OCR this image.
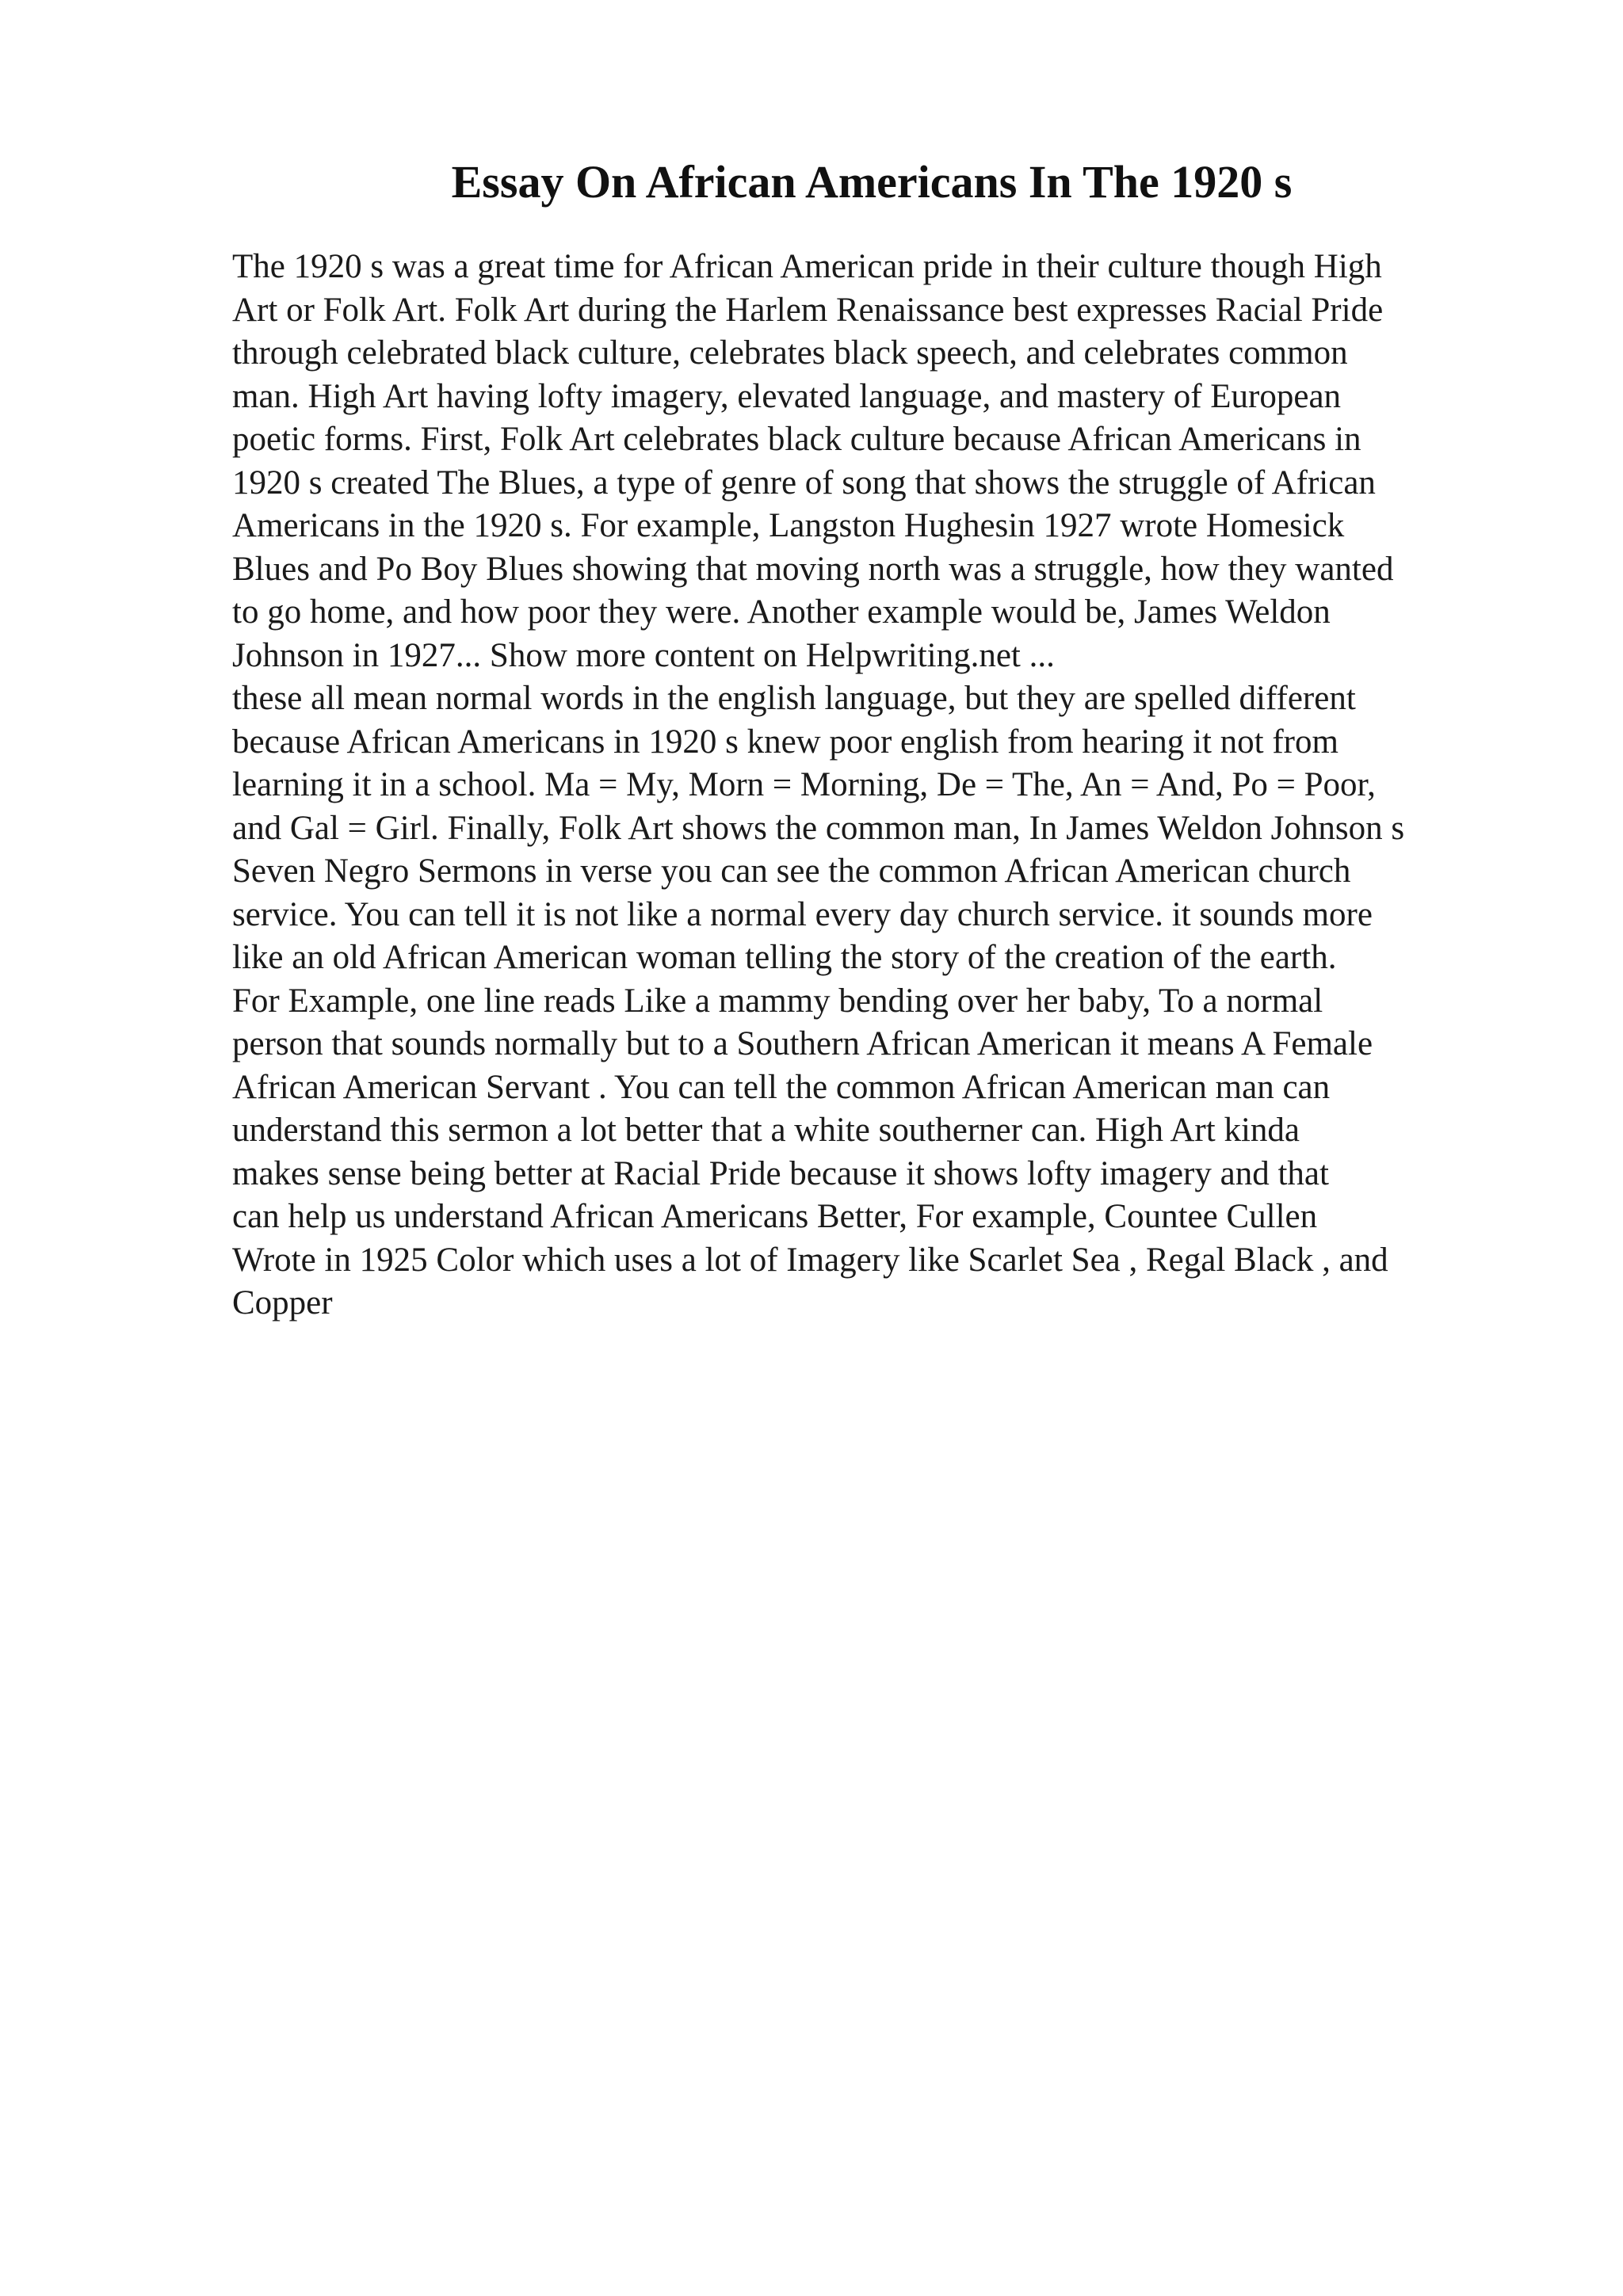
Essay On African Americans In The 1920 s
The 1920 s was a great time for African American pride in their culture though High
Art or Folk Art. Folk Art during the Harlem Renaissance best expresses Racial Pride
through celebrated black culture, celebrates black speech, and celebrates common
man. High Art having lofty imagery, elevated language, and mastery of European
poetic forms. First, Folk Art celebrates black culture because African Americans in
1920 s created The Blues, a type of genre of song that shows the struggle of African
Americans in the 1920 s. For example, Langston Hughesin 1927 wrote Homesick
Blues and Po Boy Blues showing that moving north was a struggle, how they wanted
to go home, and how poor they were. Another example would be, James Weldon
Johnson in 1927... Show more content on Helpwriting.net ...
these all mean normal words in the english language, but they are spelled different
because African Americans in 1920 s knew poor english from hearing it not from
learning it in a school. Ma = My, Morn = Morning, De = The, An = And, Po = Poor,
and Gal = Girl. Finally, Folk Art shows the common man, In James Weldon Johnson s
Seven Negro Sermons in verse you can see the common African American church
service. You can tell it is not like a normal every day church service. it sounds more
like an old African American woman telling the story of the creation of the earth.
For Example, one line reads Like a mammy bending over her baby, To a normal
person that sounds normally but to a Southern African American it means A Female
African American Servant . You can tell the common African American man can
understand this sermon a lot better that a white southerner can. High Art kinda
makes sense being better at Racial Pride because it shows lofty imagery and that
can help us understand African Americans Better, For example, Countee Cullen
Wrote in 1925 Color which uses a lot of Imagery like Scarlet Sea , Regal Black , and
Copper
